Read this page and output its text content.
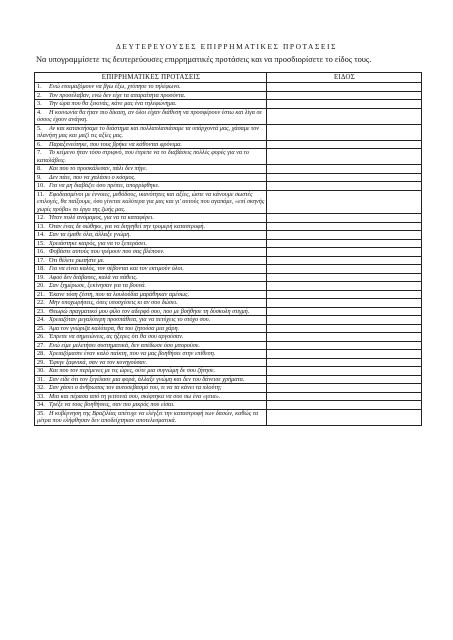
ΔΕΥΤΕΡΕΥΟΥΣΕΣ ΕΠΙΡΡΗΜΑΤΙΚΕΣ ΠΡΟΤΑΣΕΙΣ
Να υπογραμμίσετε τις δευτερεύουσες επιρρηματικές προτάσεις και να προσδιορίσετε το είδος τους.
ΕΠΙΡΡΗΜΑΤΙΚΕΣ ΠΡΟΤΑΣΕΙΣ	ΕΙΔΟΣ
1. Ενώ ετοιμαζόμουν να βγω έξω, χτύπησε το τηλέφωνο.	
2. Τον προσέλαβαν, ενώ δεν είχε τα απαραίτητα προσόντα.	
3. Την ώρα που θα ξεκινάς, κάνε μας ένα τηλεφώνημα.	
4. Η κοινωνία θα ήταν πιο δίκαιη, αν όλοι είχαν διάθεση να προσφέρουν έστω και λίγα σε όσους έχουν ανάγκη.	
5. Αν και κατακτήσαμε το διάστημα και πολλαπλασιάσαμε τα υπάρχοντά μας, χάσαμε τον πλανήτη μας και μαζί τις αξίες μας.	
6. Παραξενεύτηκε, που τους βρήκε να κάθονται φρόνιμα.	
7. Το κείμενο ήταν τόσο στριφνό, που έπρεπε να το διαβάσεις πολλές φορές για να το καταλάβεις.	
8. Και που το προσκάλεσαν, πάλι δεν πήγε.	
9. Δεν πάει, που να χαλάσει ο κόσμος.	
10. Για να μη διαβάζει όσο πρέπει, απορρίφθηκε.	
11. Εφοδιασμένοι με έννοιες, μεθόδους, ικανότητες και αξίες, ώστε να κάνουμε σωστές επιλογές, θα παίξουμε, όσο γίνεται καλύτερα για μας και γι' αυτούς που αγαπάμε, «επί σκηνής χωρίς πρόβα» το έργο της ζωής μας.	
12. Ήταν πολύ ανόμαμος, για να τα καταφέρει.	
13. Όταν ένας δε σώθηκε, για να διηγηθεί την τρομερή καταστροφή.	
14. Σαν τα έμαθε όλα, άλλαξε γνώμη.	
15. Χρειάστηκε καιρός, για να το ξεπεράσει.	
16. Φοβάστε αυτούς που τρέμουν που σας βλέπουν.	
17. Ότι θέλετε ρωτήστε με.	
18. Για να είναι καλός, τον σέβονται και τον εκτιμούν όλοι.	
19. Αφού δεν διάβασες, καλά να πάθεις.	
20. Σαν ξημέρωσε, ξεκίνησαν για τα βουνά.	
21. Έκανε τόση ζέστη, που τα λουλούδια μαράθηκαν αμέσως.	
22. Μην υποχωρήσεις, όσες υποσχέσεις κι αν σου δώσει.	
23. Θεωρώ πραγματικό μου φίλο τον αδερφό σου, που με βοήθησε τη δύσκολη στιγμή.	
24. Χρειαζόταν μεγαλύτερη προσπάθεια, για να πετύχεις το στόχο σου.	
25. Άμα τον γνώριζα καλύτερα, θα του ζητούσα μια χάρη.	
26. Έπρεπε να σημειώνεις, ας ήξερες ότι θα σου αργούσαν.	
27. Ενώ είμε μελετήσει συστηματικά, δεν απέδωσε όσο μπορούσε.	
28. Χρειαζόμαστε έναν καλό παίκτη, που να μας βοηθήσει στην επίθεση.	
29. Έφυγε ξαφνικά, σαν να τον κυνηγούσαν.	
30. Και που τον περίμενες με τις ώρες, ούτε μια συγνώμη δε σου ζήτησε.	
31. Σαν είδε ότι τον ξεγέλασε μια φορά, άλλαξε γνώμη και δεν του δάνεισε χρήματα.	
32. Σαν χάσει ο άνθρωπος τον αυτοσεβασμό του, τι να τα κάνει τα πλούτη;	
33. Μια και πέρασα από τη γειτονιά σου, σκέφτηκα να σου πω ένα «γεια».	
34. Τρέξε να τους βοηθήσεις, σαν πιο μικρός που είσαι.	
35. Η κυβέρνηση της Βραζιλίας απέτυχε να ελέγξει την καταστροφή των δασών, καθώς τα μέτρα που ελήφθησαν δεν αποδείχτηκαν αποτελεσματικά.	
